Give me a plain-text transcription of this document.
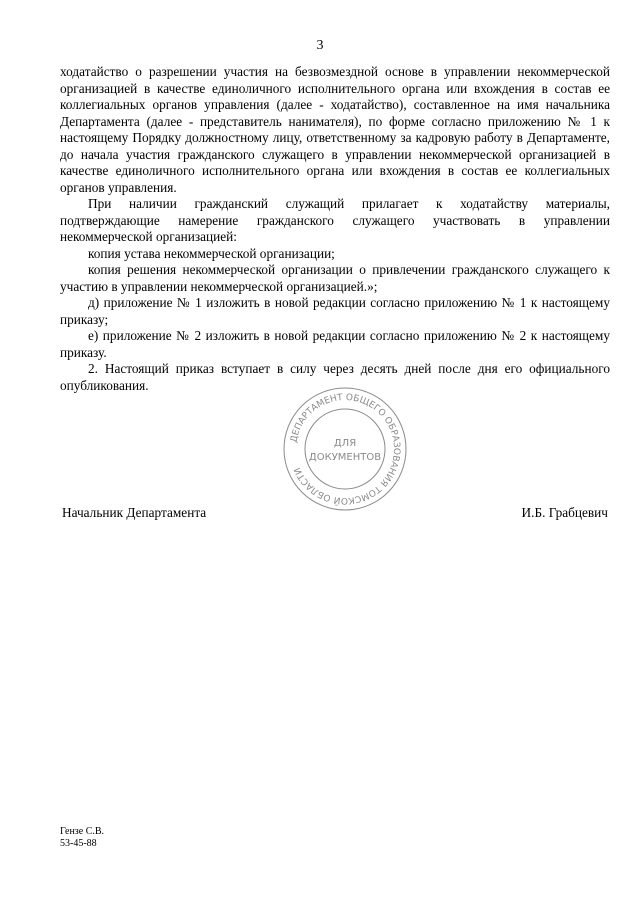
3

ходатайство о разрешении участия на безвозмездной основе в управлении некоммерческой организацией в качестве единоличного исполнительного органа или вхождения в состав ее коллегиальных органов управления (далее - ходатайство), составленное на имя начальника Департамента (далее - представитель нанимателя), по форме согласно приложению № 1 к настоящему Порядку должностному лицу, ответственному за кадровую работу в Департаменте, до начала участия гражданского служащего в управлении некоммерческой организацией в качестве единоличного исполнительного органа или вхождения в состав ее коллегиальных органов управления.

При наличии гражданский служащий прилагает к ходатайству материалы, подтверждающие намерение гражданского служащего участвовать в управлении некоммерческой организацией:

копия устава некоммерческой организации;

копия решения некоммерческой организации о привлечении гражданского служащего к участию в управлении некоммерческой организацией.»;

д) приложение № 1 изложить в новой редакции согласно приложению № 1 к настоящему приказу;

е) приложение № 2 изложить в новой редакции согласно приложению № 2 к настоящему приказу.

2. Настоящий приказ вступает в силу через десять дней после дня его официального опубликования.

ДЕПАРТАМЕНТ ОБЩЕГО ОБРАЗОВАНИЯ ТОМСКОЙ ОБЛАСТИ
ДЛЯ
ДОКУМЕНТОВ
Начальник Департамента	И.Б. Грабцевич
Гензе С.В.
53-45-88
